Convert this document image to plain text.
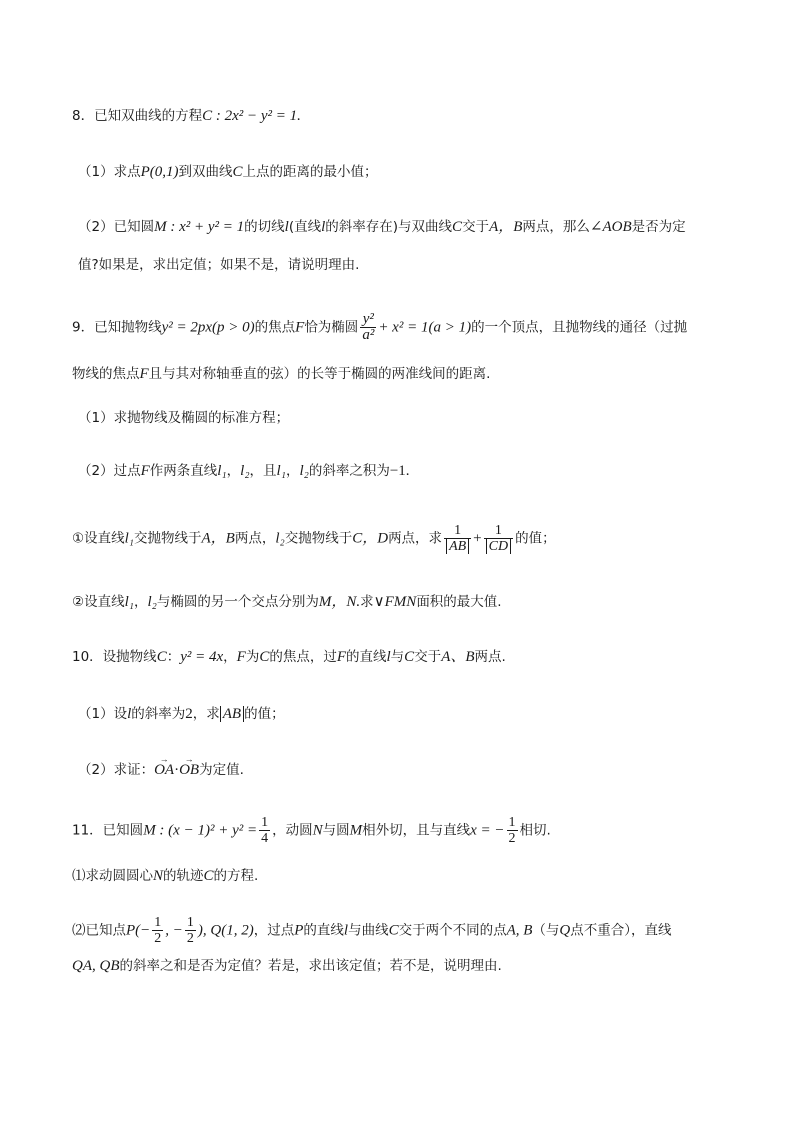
8．已知双曲线的方程C : 2x² − y² = 1.
（1）求点P(0,1)到双曲线C上点的距离的最小值；
（2）已知圆M : x² + y² = 1的切线l(直线l的斜率存在)与双曲线C交于A，B两点，那么∠AOB是否为定
值?如果是，求出定值；如果不是，请说明理由.
9．已知抛物线y² = 2px(p > 0)的焦点F恰为椭圆 $\frac{\text{y²}}{\text{a²}} + x^2 = 1(a > 1)$的一个顶点，且抛物线的通径（过抛
物线的焦点F且与其对称轴垂直的弦）的长等于椭圆的两准线间的距离.
（1）求抛物线及椭圆的标准方程；
（2）过点F作两条直线l₁，l₂，且l₁，l₂的斜率之积为−1.
①设直线l₁交抛物线于A，B两点，l₂交抛物线于C，D两点，求 $\frac{1}{AB} + \frac{1}{CD}$ 的值；
②设直线l₁，l₂与椭圆的另一个交点分别为M，N.求∨FMN面积的最大值.
10．设抛物线C：y² = 4x，F为C的焦点，过F的直线l与C交于A、B两点.
（1）设l的斜率为2，求 AB 的值；
（2）求证：→ OA·→ OB为定值.
11．已知圆M : $(x - 1)^2 + y^2 = \frac{1}{4}$ ，动圆N与圆M相外切，且与直线x = − $\frac{1}{2}$ 相切.
⑴求动圆圆心N的轨迹C的方程.
⑵已知点$P(- \frac{1}{2}$ , − $\frac{1}{2}$ ), Q(1, 2)，过点P的直线l与曲线C交于两个不同的点A, B（与Q点不重合），直线
QA, QB的斜率之和是否为定值？若是，求出该定值；若不是，说明理由.
